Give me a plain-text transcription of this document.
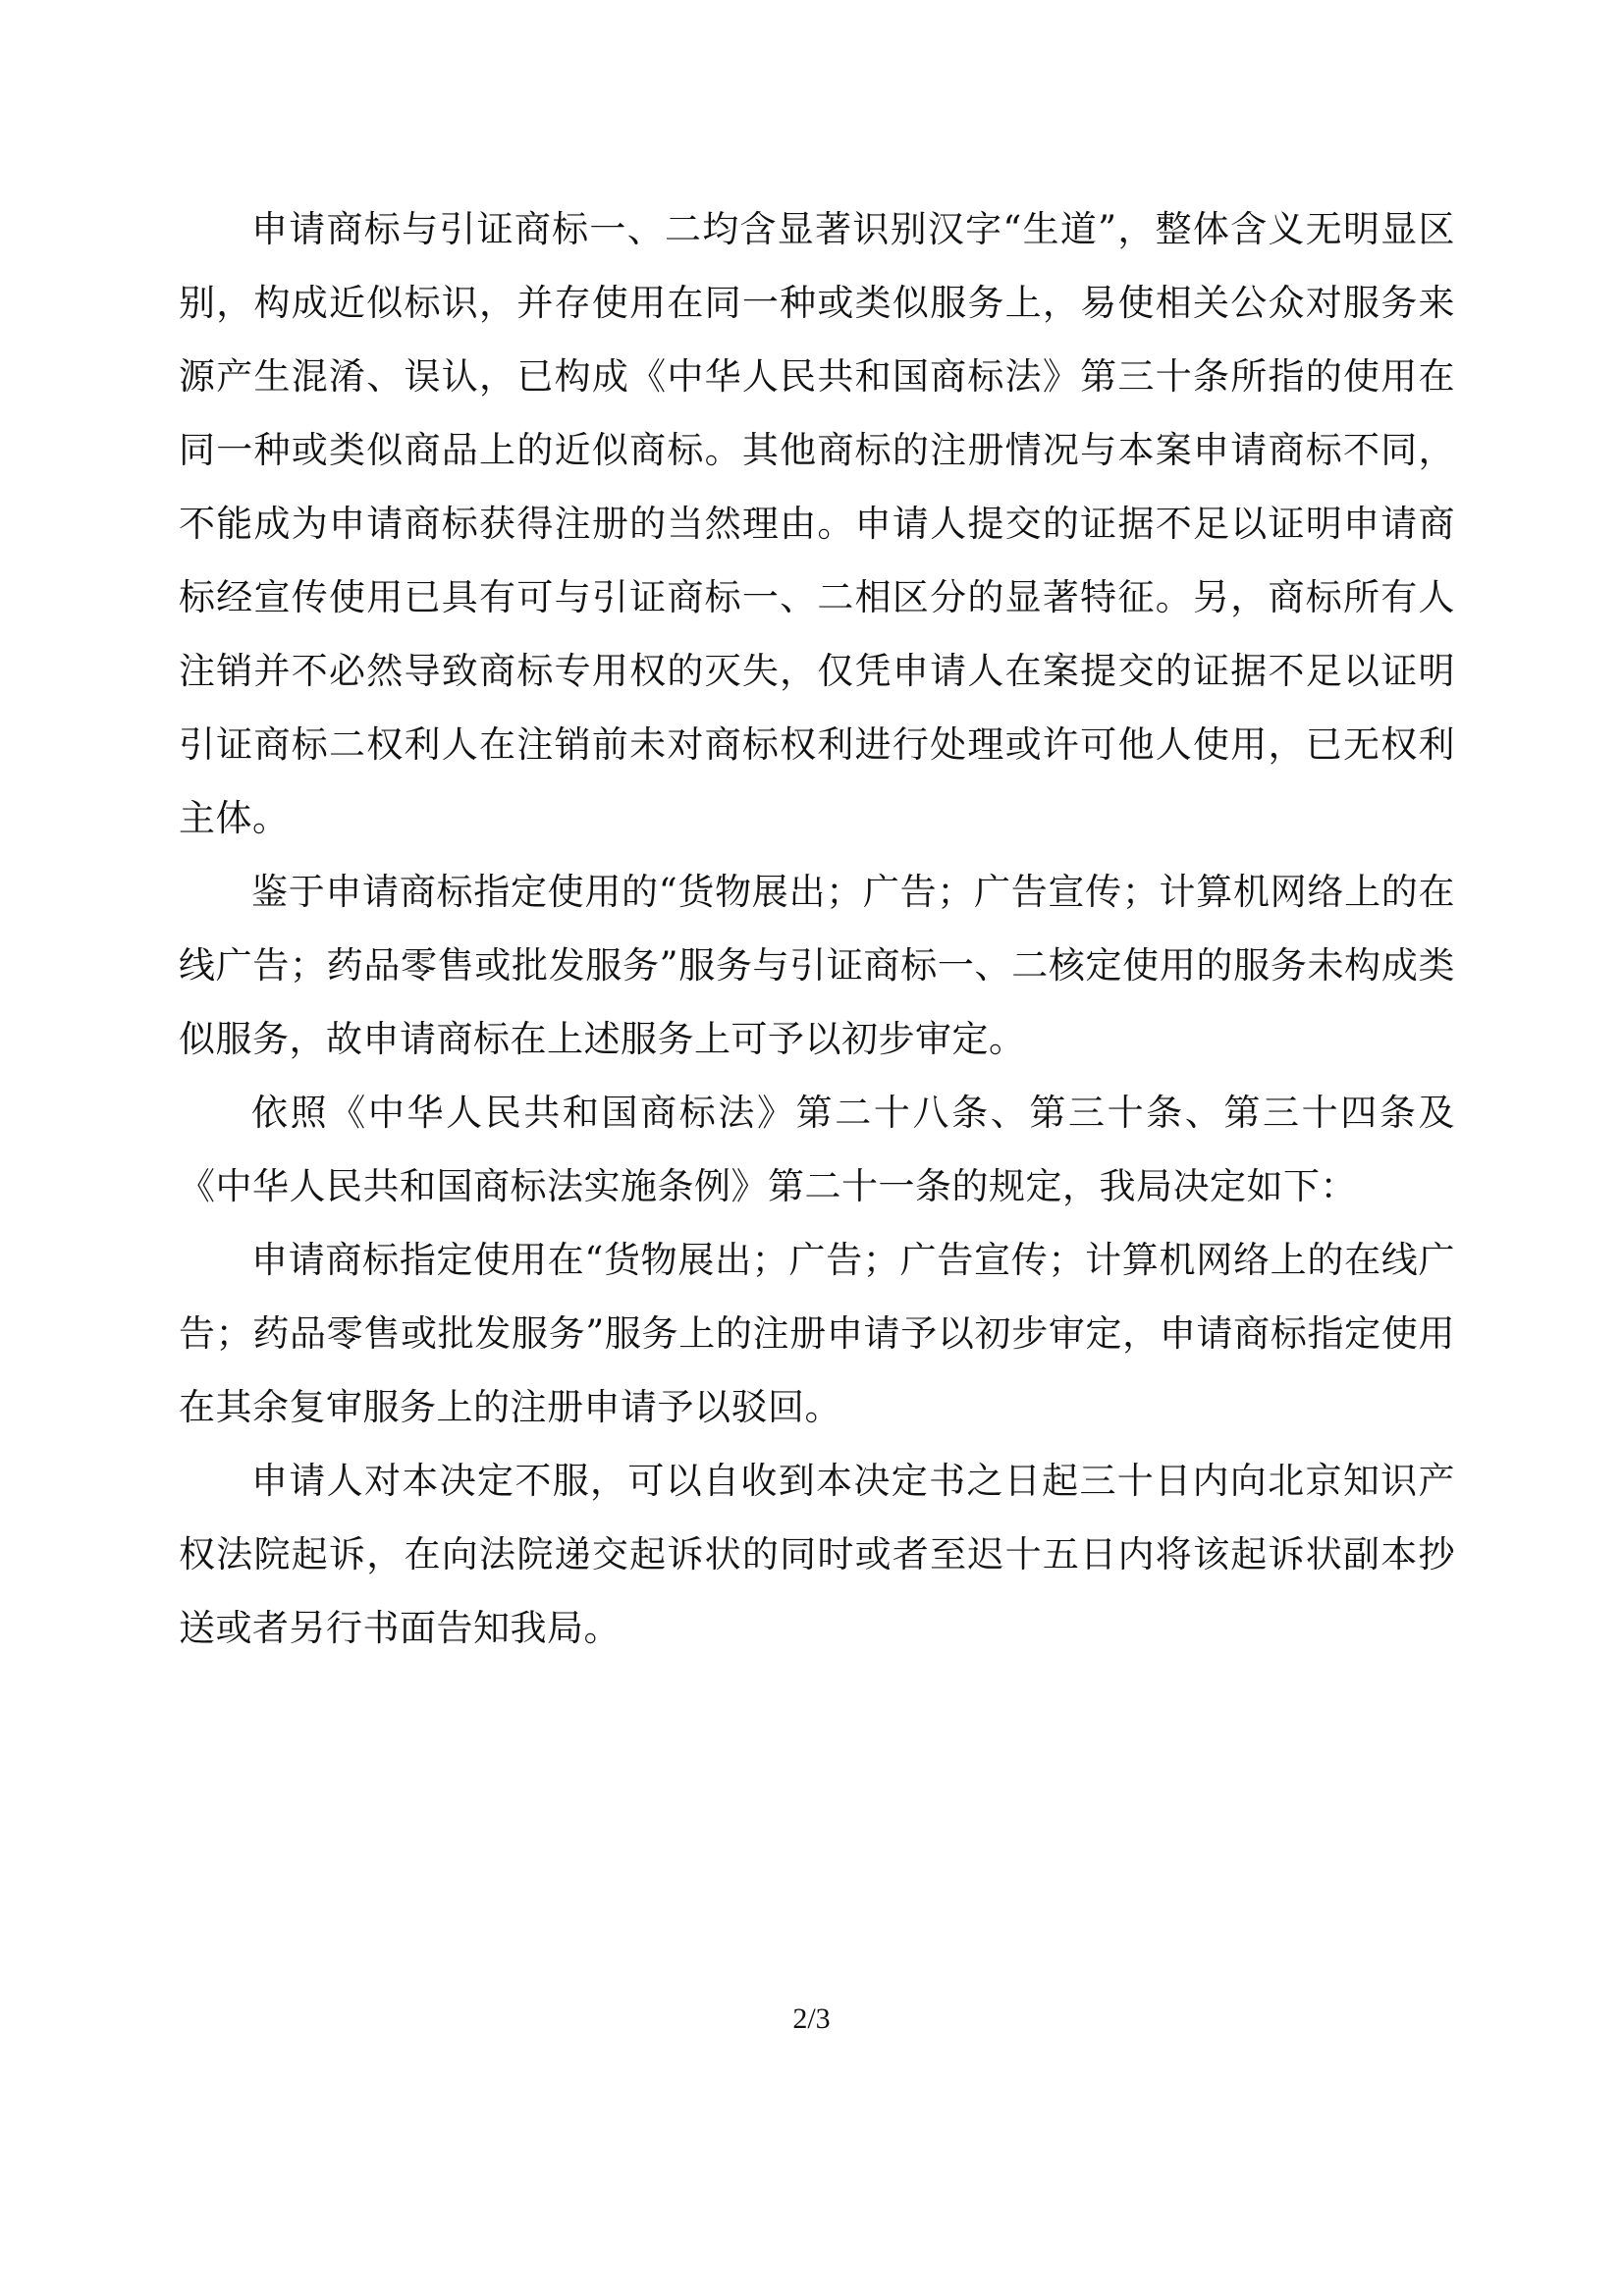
申请商标与引证商标一、二均含显著识别汉字“生道”，整体含义无明显区别，构成近似标识，并存使用在同一种或类似服务上，易使相关公众对服务来源产生混淆、误认，已构成《中华人民共和国商标法》第三十条所指的使用在同一种或类似商品上的近似商标。其他商标的注册情况与本案申请商标不同，不能成为申请商标获得注册的当然理由。申请人提交的证据不足以证明申请商标经宣传使用已具有可与引证商标一、二相区分的显著特征。另，商标所有人注销并不必然导致商标专用权的灭失，仅凭申请人在案提交的证据不足以证明引证商标二权利人在注销前未对商标权利进行处理或许可他人使用，已无权利主体。

鉴于申请商标指定使用的“货物展出；广告；广告宣传；计算机网络上的在线广告；药品零售或批发服务”服务与引证商标一、二核定使用的服务未构成类似服务，故申请商标在上述服务上可予以初步审定。

依照《中华人民共和国商标法》第二十八条、第三十条、第三十四条及《中华人民共和国商标法实施条例》第二十一条的规定，我局决定如下：

申请商标指定使用在“货物展出；广告；广告宣传；计算机网络上的在线广告；药品零售或批发服务”服务上的注册申请予以初步审定，申请商标指定使用在其余复审服务上的注册申请予以驳回。

申请人对本决定不服，可以自收到本决定书之日起三十日内向北京知识产权法院起诉，在向法院递交起诉状的同时或者至迟十五日内将该起诉状副本抄送或者另行书面告知我局。

2/3
